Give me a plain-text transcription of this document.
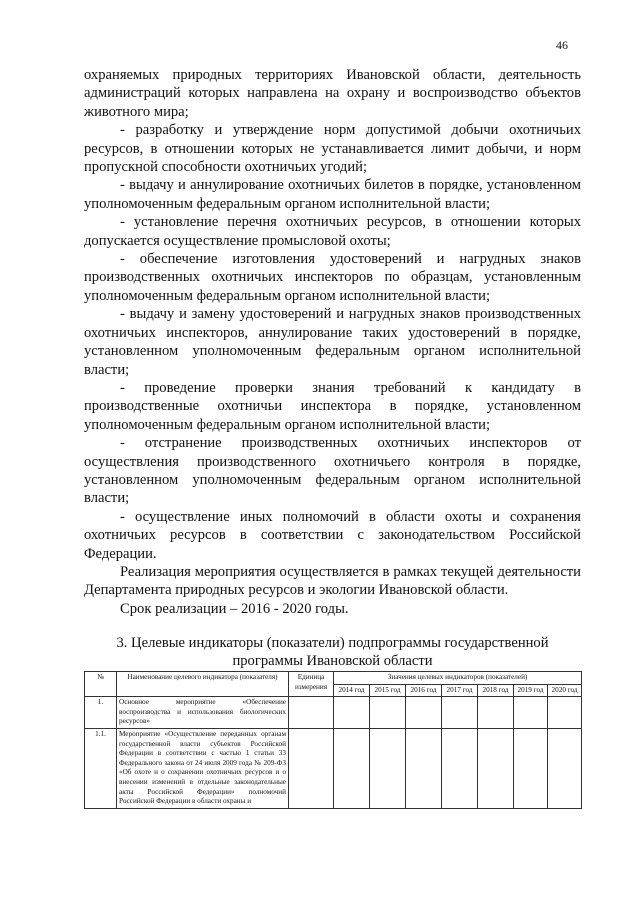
46

охраняемых природных территориях Ивановской области, деятельность администраций которых направлена на охрану и воспроизводство объектов животного мира;

- разработку и утверждение норм допустимой добычи охотничьих ресурсов, в отношении которых не устанавливается лимит добычи, и норм пропускной способности охотничьих угодий;

- выдачу и аннулирование охотничьих билетов в порядке, установленном уполномоченным федеральным органом исполнительной власти;

- установление перечня охотничьих ресурсов, в отношении которых допускается осуществление промысловой охоты;

- обеспечение изготовления удостоверений и нагрудных знаков производственных охотничьих инспекторов по образцам, установленным уполномоченным федеральным органом исполнительной власти;

- выдачу и замену удостоверений и нагрудных знаков производственных охотничьих инспекторов, аннулирование таких удостоверений в порядке, установленном уполномоченным федеральным органом исполнительной власти;

- проведение проверки знания требований к кандидату в производственные охотничьи инспектора в порядке, установленном уполномоченным федеральным органом исполнительной власти;

- отстранение производственных охотничьих инспекторов от осуществления производственного охотничьего контроля в порядке, установленном уполномоченным федеральным органом исполнительной власти;

- осуществление иных полномочий в области охоты и сохранения охотничьих ресурсов в соответствии с законодательством Российской Федерации.

Реализация мероприятия осуществляется в рамках текущей деятельности Департамента природных ресурсов и экологии Ивановской области.

Срок реализации – 2016 - 2020 годы.

3. Целевые индикаторы (показатели) подпрограммы государственной программы Ивановской области
№	Наименование целевого индикатора (показателя)	Единица измерения	Значения целевых индикаторов (показателей)						
			2014 год	2015 год	2016 год	2017 год	2018 год	2019 год	2020 год
1.	Основное мероприятие «Обеспечение воспроизводства и использования биологических ресурсов»								
1.1.	Мероприятие «Осуществление переданных органам государственной власти субъектов Российской Федерации в соответствии с частью 1 статьи 33 Федерального закона от 24 июля 2009 года № 209-ФЗ «Об охоте и о сохранении охотничьих ресурсов и о внесении изменений в отдельные законодательные акты Российской Федерации» полномочий Российской Федерации в области охраны и								
